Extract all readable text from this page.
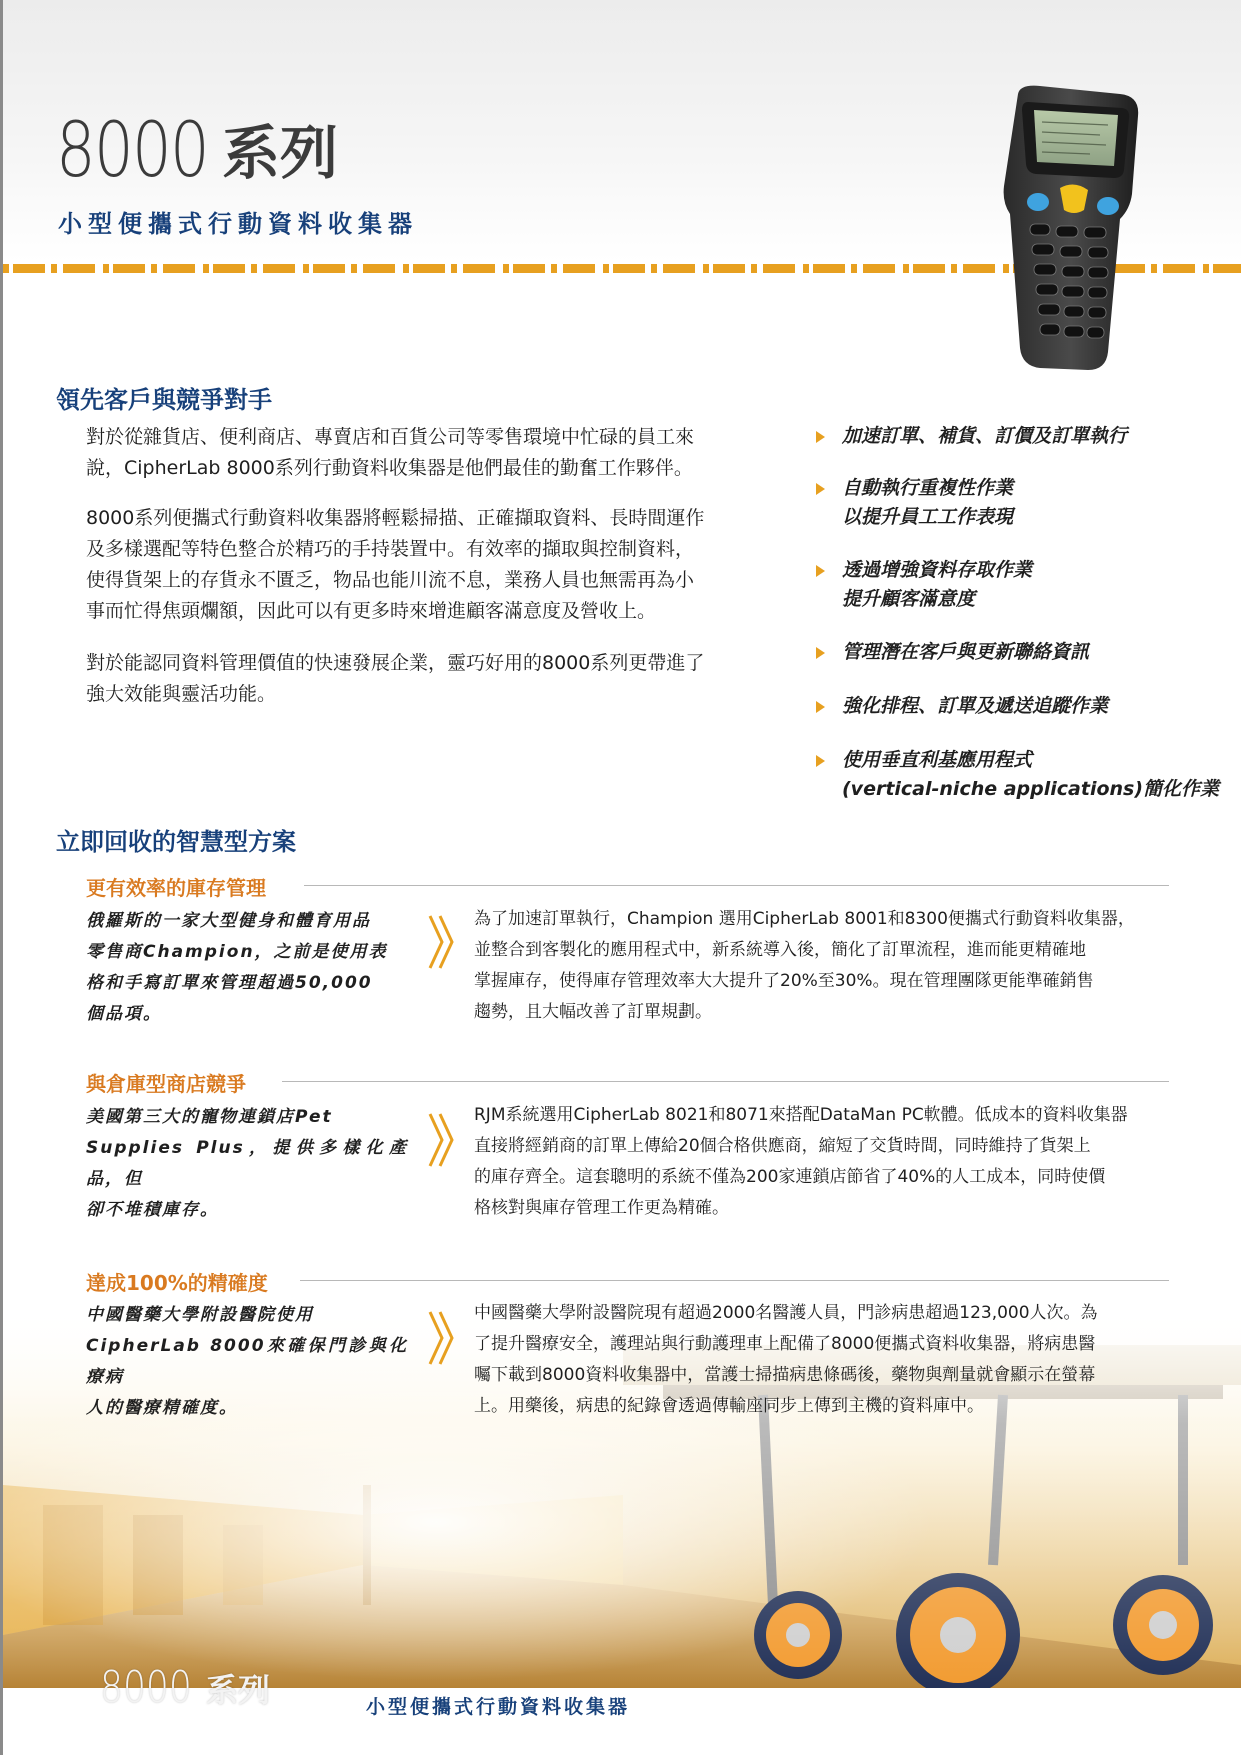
8000 系列
小型便攜式行動資料收集器
領先客戶與競爭對手
對於從雜貨店、便利商店、專賣店和百貨公司等零售環境中忙碌的員工來
說，CipherLab 8000系列行動資料收集器是他們最佳的勤奮工作夥伴。
8000系列便攜式行動資料收集器將輕鬆掃描、正確擷取資料、長時間運作
及多樣選配等特色整合於精巧的手持裝置中。有效率的擷取與控制資料，
使得貨架上的存貨永不匱乏，物品也能川流不息，業務人員也無需再為小
事而忙得焦頭爛額，因此可以有更多時來增進顧客滿意度及營收上。
對於能認同資料管理價值的快速發展企業，靈巧好用的8000系列更帶進了
強大效能與靈活功能。
加速訂單、補貨、訂價及訂單執行
自動執行重複性作業
以提升員工工作表現
透過增強資料存取作業
提升顧客滿意度
管理潛在客戶與更新聯絡資訊
強化排程、訂單及遞送追蹤作業
使用垂直利基應用程式
(vertical-niche applications)簡化作業
立即回收的智慧型方案
更有效率的庫存管理
俄羅斯的一家大型健身和體育用品
零售商Champion，之前是使用表
格和手寫訂單來管理超過50,000
個品項。
為了加速訂單執行，Champion 選用CipherLab 8001和8300便攜式行動資料收集器，
並整合到客製化的應用程式中，新系統導入後，簡化了訂單流程，進而能更精確地
掌握庫存，使得庫存管理效率大大提升了20%至30%。現在管理團隊更能準確銷售
趨勢，且大幅改善了訂單規劃。
與倉庫型商店競爭
美國第三大的寵物連鎖店Pet
Supplies Plus，提供多樣化產品，但
卻不堆積庫存。
RJM系統選用CipherLab 8021和8071來搭配DataMan PC軟體。低成本的資料收集器
直接將經銷商的訂單上傳給20個合格供應商，縮短了交貨時間，同時維持了貨架上
的庫存齊全。這套聰明的系統不僅為200家連鎖店節省了40%的人工成本，同時使價
格核對與庫存管理工作更為精確。
達成100%的精確度
中國醫藥大學附設醫院使用
CipherLab 8000來確保門診與化療病
人的醫療精確度。
中國醫藥大學附設醫院現有超過2000名醫護人員，門診病患超過123,000人次。為
了提升醫療安全，護理站與行動護理車上配備了8000便攜式資料收集器，將病患醫
囑下載到8000資料收集器中，當護士掃描病患條碼後，藥物與劑量就會顯示在螢幕
上。用藥後，病患的紀錄會透過傳輸座同步上傳到主機的資料庫中。
8000 系列	小型便攜式行動資料收集器
